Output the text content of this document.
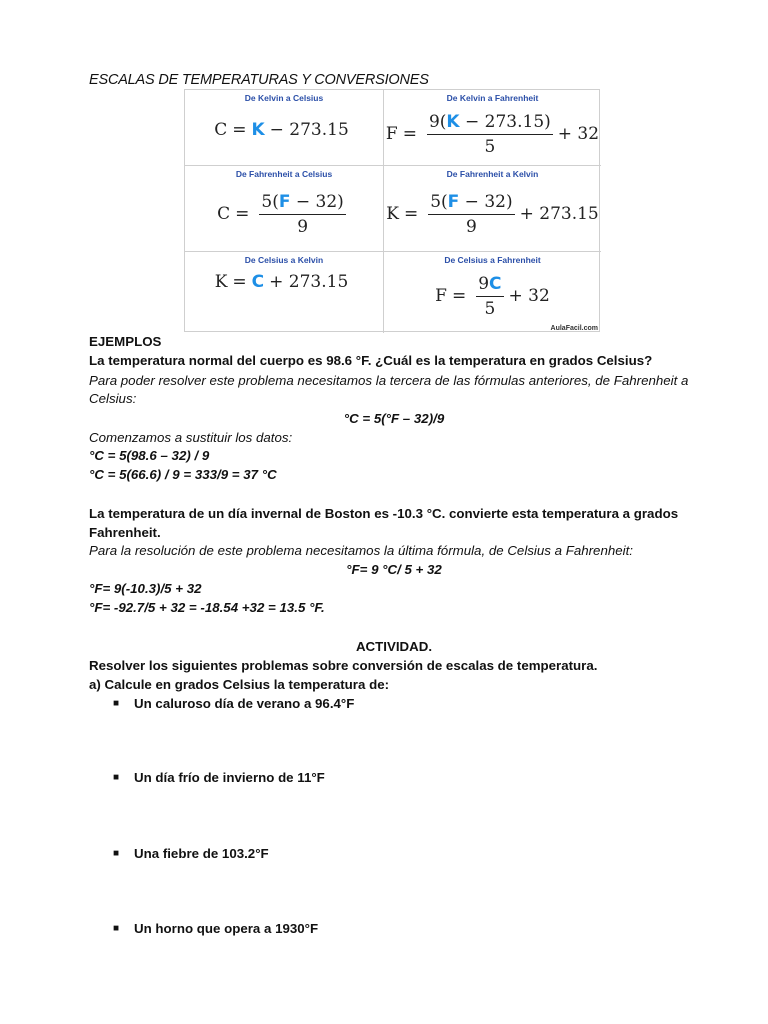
ESCALAS DE TEMPERATURAS Y CONVERSIONES
De Kelvin a Celsius
C = K − 273.15
De Kelvin a Fahrenheit
$F = \frac{9(K - 273.15)}{5} + 32$
De Fahrenheit a Celsius
$C = \frac{5(F - 32)}{9}$
De Fahrenheit a Kelvin
$K = \frac{5(F - 32)}{9} + 273.15$
De Celsius a Kelvin
K = C + 273.15
De Celsius a Fahrenheit
$F = \frac{9C}{5} + 32$
AulaFacil.com
EJEMPLOS
La temperatura normal del cuerpo es 98.6 °F. ¿Cuál es la temperatura en grados Celsius?
Para poder resolver este problema necesitamos la tercera de las fórmulas anteriores, de Fahrenheit a
Celsius:
°C = 5(°F – 32)/9
Comenzamos a sustituir los datos:
°C = 5(98.6 – 32) / 9
°C = 5(66.6) / 9 = 333/9 = 37 °C
La temperatura de un día invernal de Boston es -10.3 °C. convierte esta temperatura a grados
Fahrenheit.
Para la resolución de este problema necesitamos la última fórmula, de Celsius a Fahrenheit:
°F= 9 °C/ 5 + 32
°F= 9(-10.3)/5 + 32
°F= -92.7/5 + 32 = -18.54 +32 = 13.5 °F.
ACTIVIDAD.
Resolver los siguientes problemas sobre conversión de escalas de temperatura.
a) Calcule en grados Celsius la temperatura de:
■ Un caluroso día de verano a 96.4°F
■ Un día frío de invierno de 11°F
■ Una fiebre de 103.2°F
■ Un horno que opera a 1930°F
